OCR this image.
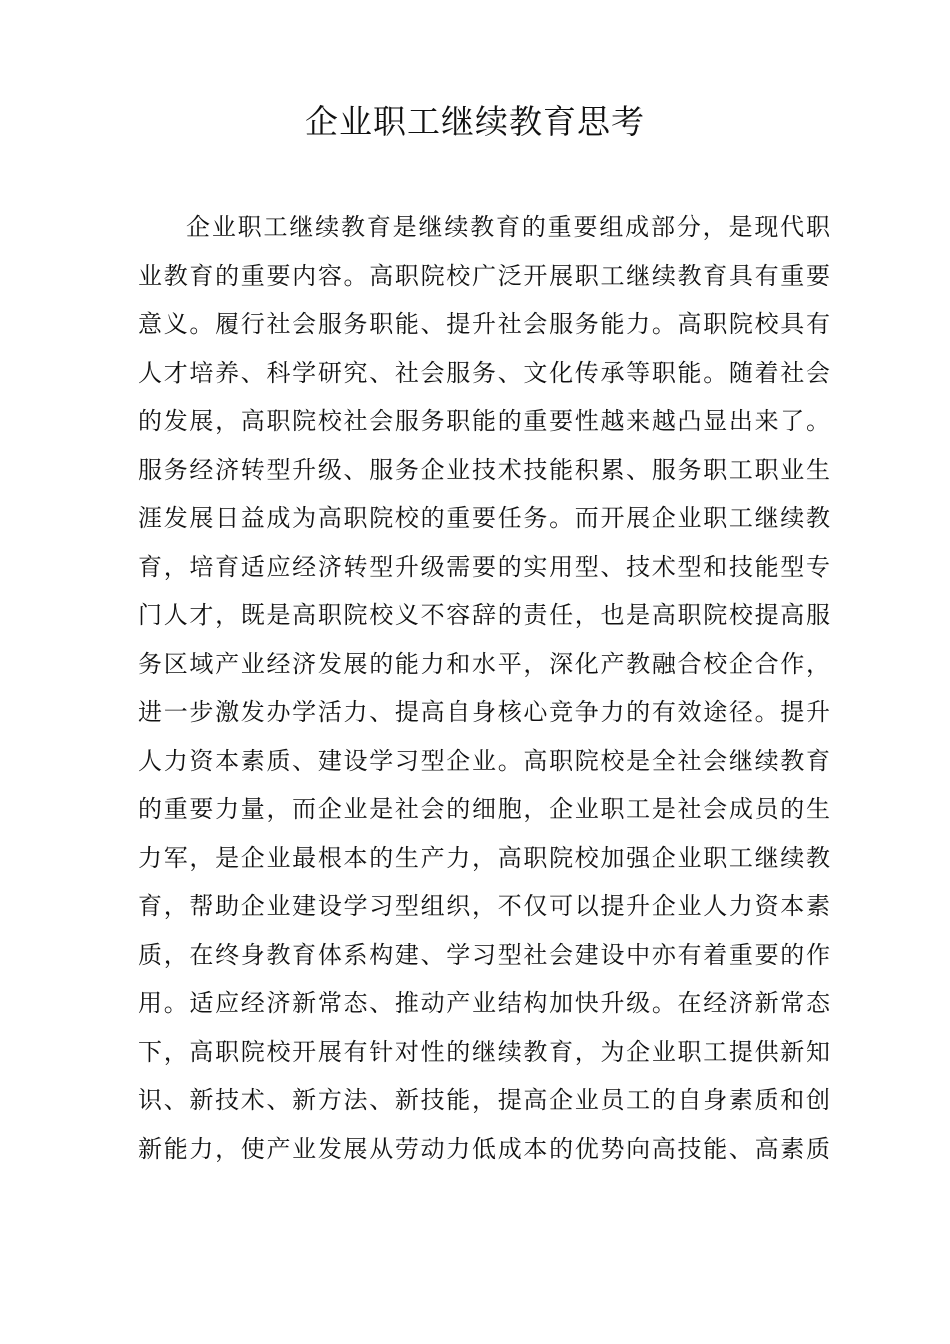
企业职工继续教育思考
企业职工继续教育是继续教育的重要组成部分，是现代职
业教育的重要内容。高职院校广泛开展职工继续教育具有重要
意义。履行社会服务职能、提升社会服务能力。高职院校具有
人才培养、科学研究、社会服务、文化传承等职能。随着社会
的发展，高职院校社会服务职能的重要性越来越凸显出来了。
服务经济转型升级、服务企业技术技能积累、服务职工职业生
涯发展日益成为高职院校的重要任务。而开展企业职工继续教
育，培育适应经济转型升级需要的实用型、技术型和技能型专
门人才，既是高职院校义不容辞的责任，也是高职院校提高服
务区域产业经济发展的能力和水平，深化产教融合校企合作，
进一步激发办学活力、提高自身核心竞争力的有效途径。提升
人力资本素质、建设学习型企业。高职院校是全社会继续教育
的重要力量，而企业是社会的细胞，企业职工是社会成员的生
力军，是企业最根本的生产力，高职院校加强企业职工继续教
育，帮助企业建设学习型组织，不仅可以提升企业人力资本素
质，在终身教育体系构建、学习型社会建设中亦有着重要的作
用。适应经济新常态、推动产业结构加快升级。在经济新常态
下，高职院校开展有针对性的继续教育，为企业职工提供新知
识、新技术、新方法、新技能，提高企业员工的自身素质和创
新能力，使产业发展从劳动力低成本的优势向高技能、高素质
